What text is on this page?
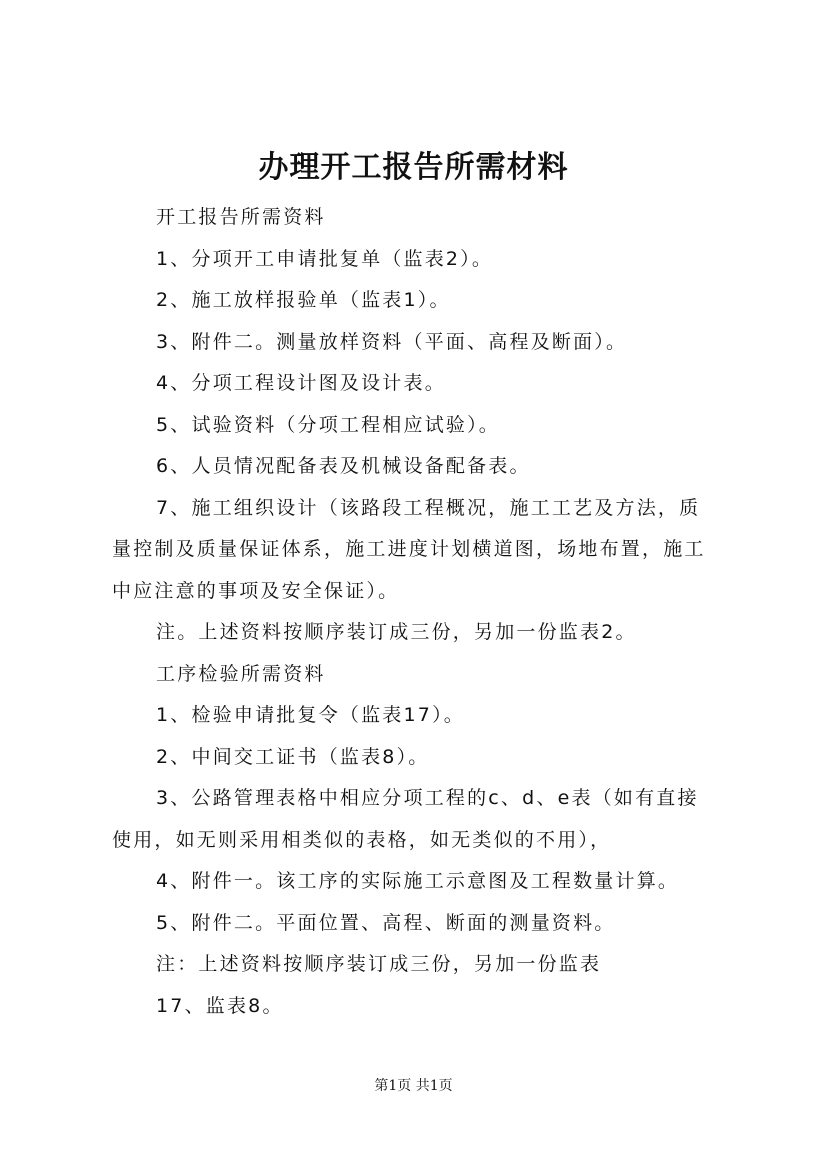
办理开工报告所需材料

开工报告所需资料

1、分项开工申请批复单（监表2）。

2、施工放样报验单（监表1）。

3、附件二。测量放样资料（平面、高程及断面）。

4、分项工程设计图及设计表。

5、试验资料（分项工程相应试验）。

6、人员情况配备表及机械设备配备表。

7、施工组织设计（该路段工程概况，施工工艺及方法，质

量控制及质量保证体系，施工进度计划横道图，场地布置，施工

中应注意的事项及安全保证）。

注。上述资料按顺序装订成三份，另加一份监表2。

工序检验所需资料

1、检验申请批复令（监表17）。

2、中间交工证书（监表8）。

3、公路管理表格中相应分项工程的c、d、e表（如有直接

使用，如无则采用相类似的表格，如无类似的不用），

4、附件一。该工序的实际施工示意图及工程数量计算。

5、附件二。平面位置、高程、断面的测量资料。

注：上述资料按顺序装订成三份，另加一份监表

17、监表8。

第1页 共1页
